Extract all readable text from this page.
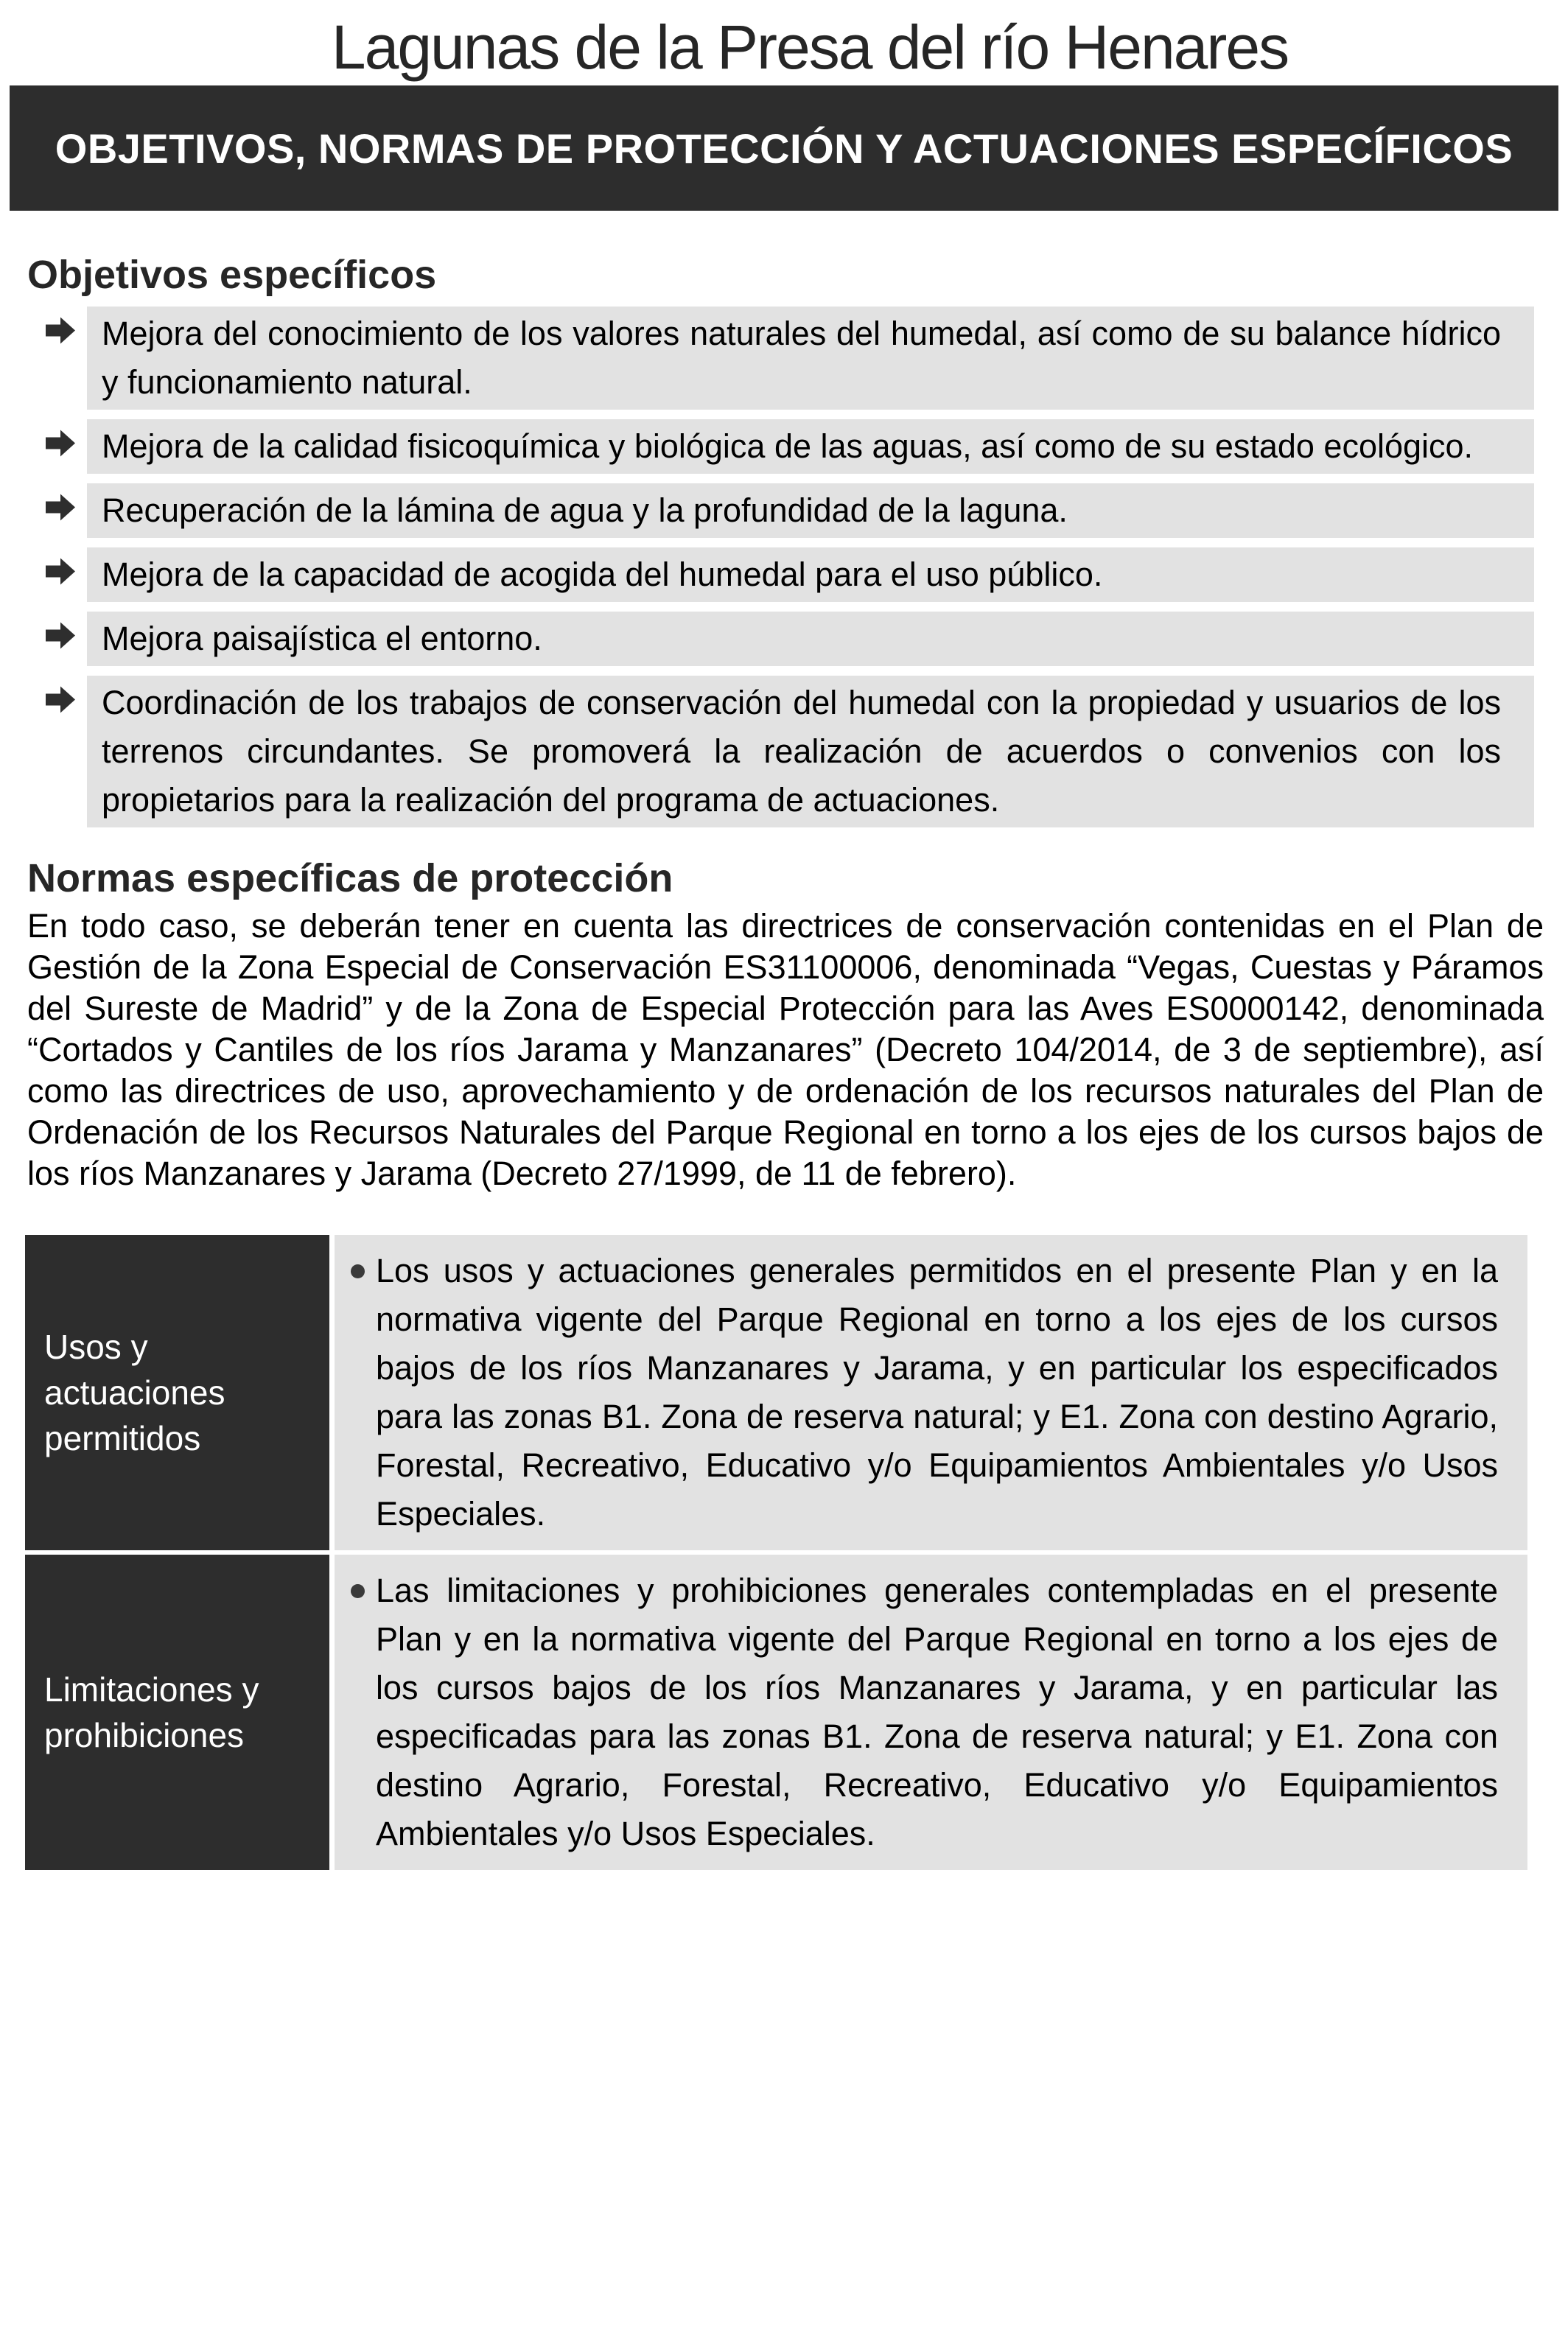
Lagunas de la Presa del río Henares
OBJETIVOS, NORMAS DE PROTECCIÓN Y ACTUACIONES ESPECÍFICOS
Objetivos específicos
Mejora del conocimiento de los valores naturales del humedal, así como de su balance hídrico y funcionamiento natural.
Mejora de la calidad fisicoquímica y biológica de las aguas, así como de su estado ecológico.
Recuperación de la lámina de agua y la profundidad de la laguna.
Mejora de la capacidad de acogida del humedal para el uso público.
Mejora paisajística el entorno.
Coordinación de los trabajos de conservación del humedal con la propiedad y usuarios de los terrenos circundantes. Se promoverá la realización de acuerdos o convenios con los propietarios para la realización del programa de actuaciones.
Normas específicas de protección

En todo caso, se deberán tener en cuenta las directrices de conservación contenidas en el Plan de Gestión de la Zona Especial de Conservación ES31100006, denominada “Vegas, Cuestas y Páramos del Sureste de Madrid” y de la Zona de Especial Protección para las Aves ES0000142, denominada “Cortados y Cantiles de los ríos Jarama y Manzanares” (Decreto 104/2014, de 3 de septiembre), así como las directrices de uso, aprovechamiento y de ordenación de los recursos naturales del Plan de Ordenación de los Recursos Naturales del Parque Regional en torno a los ejes de los cursos bajos de los ríos Manzanares y Jarama (Decreto 27/1999, de 11 de febrero).

Usos y actuaciones permitidos
Los usos y actuaciones generales permitidos en el presente Plan y en la normativa vigente del Parque Regional en torno a los ejes de los cursos bajos de los ríos Manzanares y Jarama, y en particular los especificados para las zonas B1. Zona de reserva natural; y E1. Zona con destino Agrario, Forestal, Recreativo, Educativo y/o Equipamientos Ambientales y/o Usos Especiales.
Limitaciones y prohibiciones
Las limitaciones y prohibiciones generales contempladas en el presente Plan y en la normativa vigente del Parque Regional en torno a los ejes de los cursos bajos de los ríos Manzanares y Jarama, y en particular las especificadas para las zonas B1. Zona de reserva natural; y E1. Zona con destino Agrario, Forestal, Recreativo, Educativo y/o Equipamientos Ambientales y/o Usos Especiales.
